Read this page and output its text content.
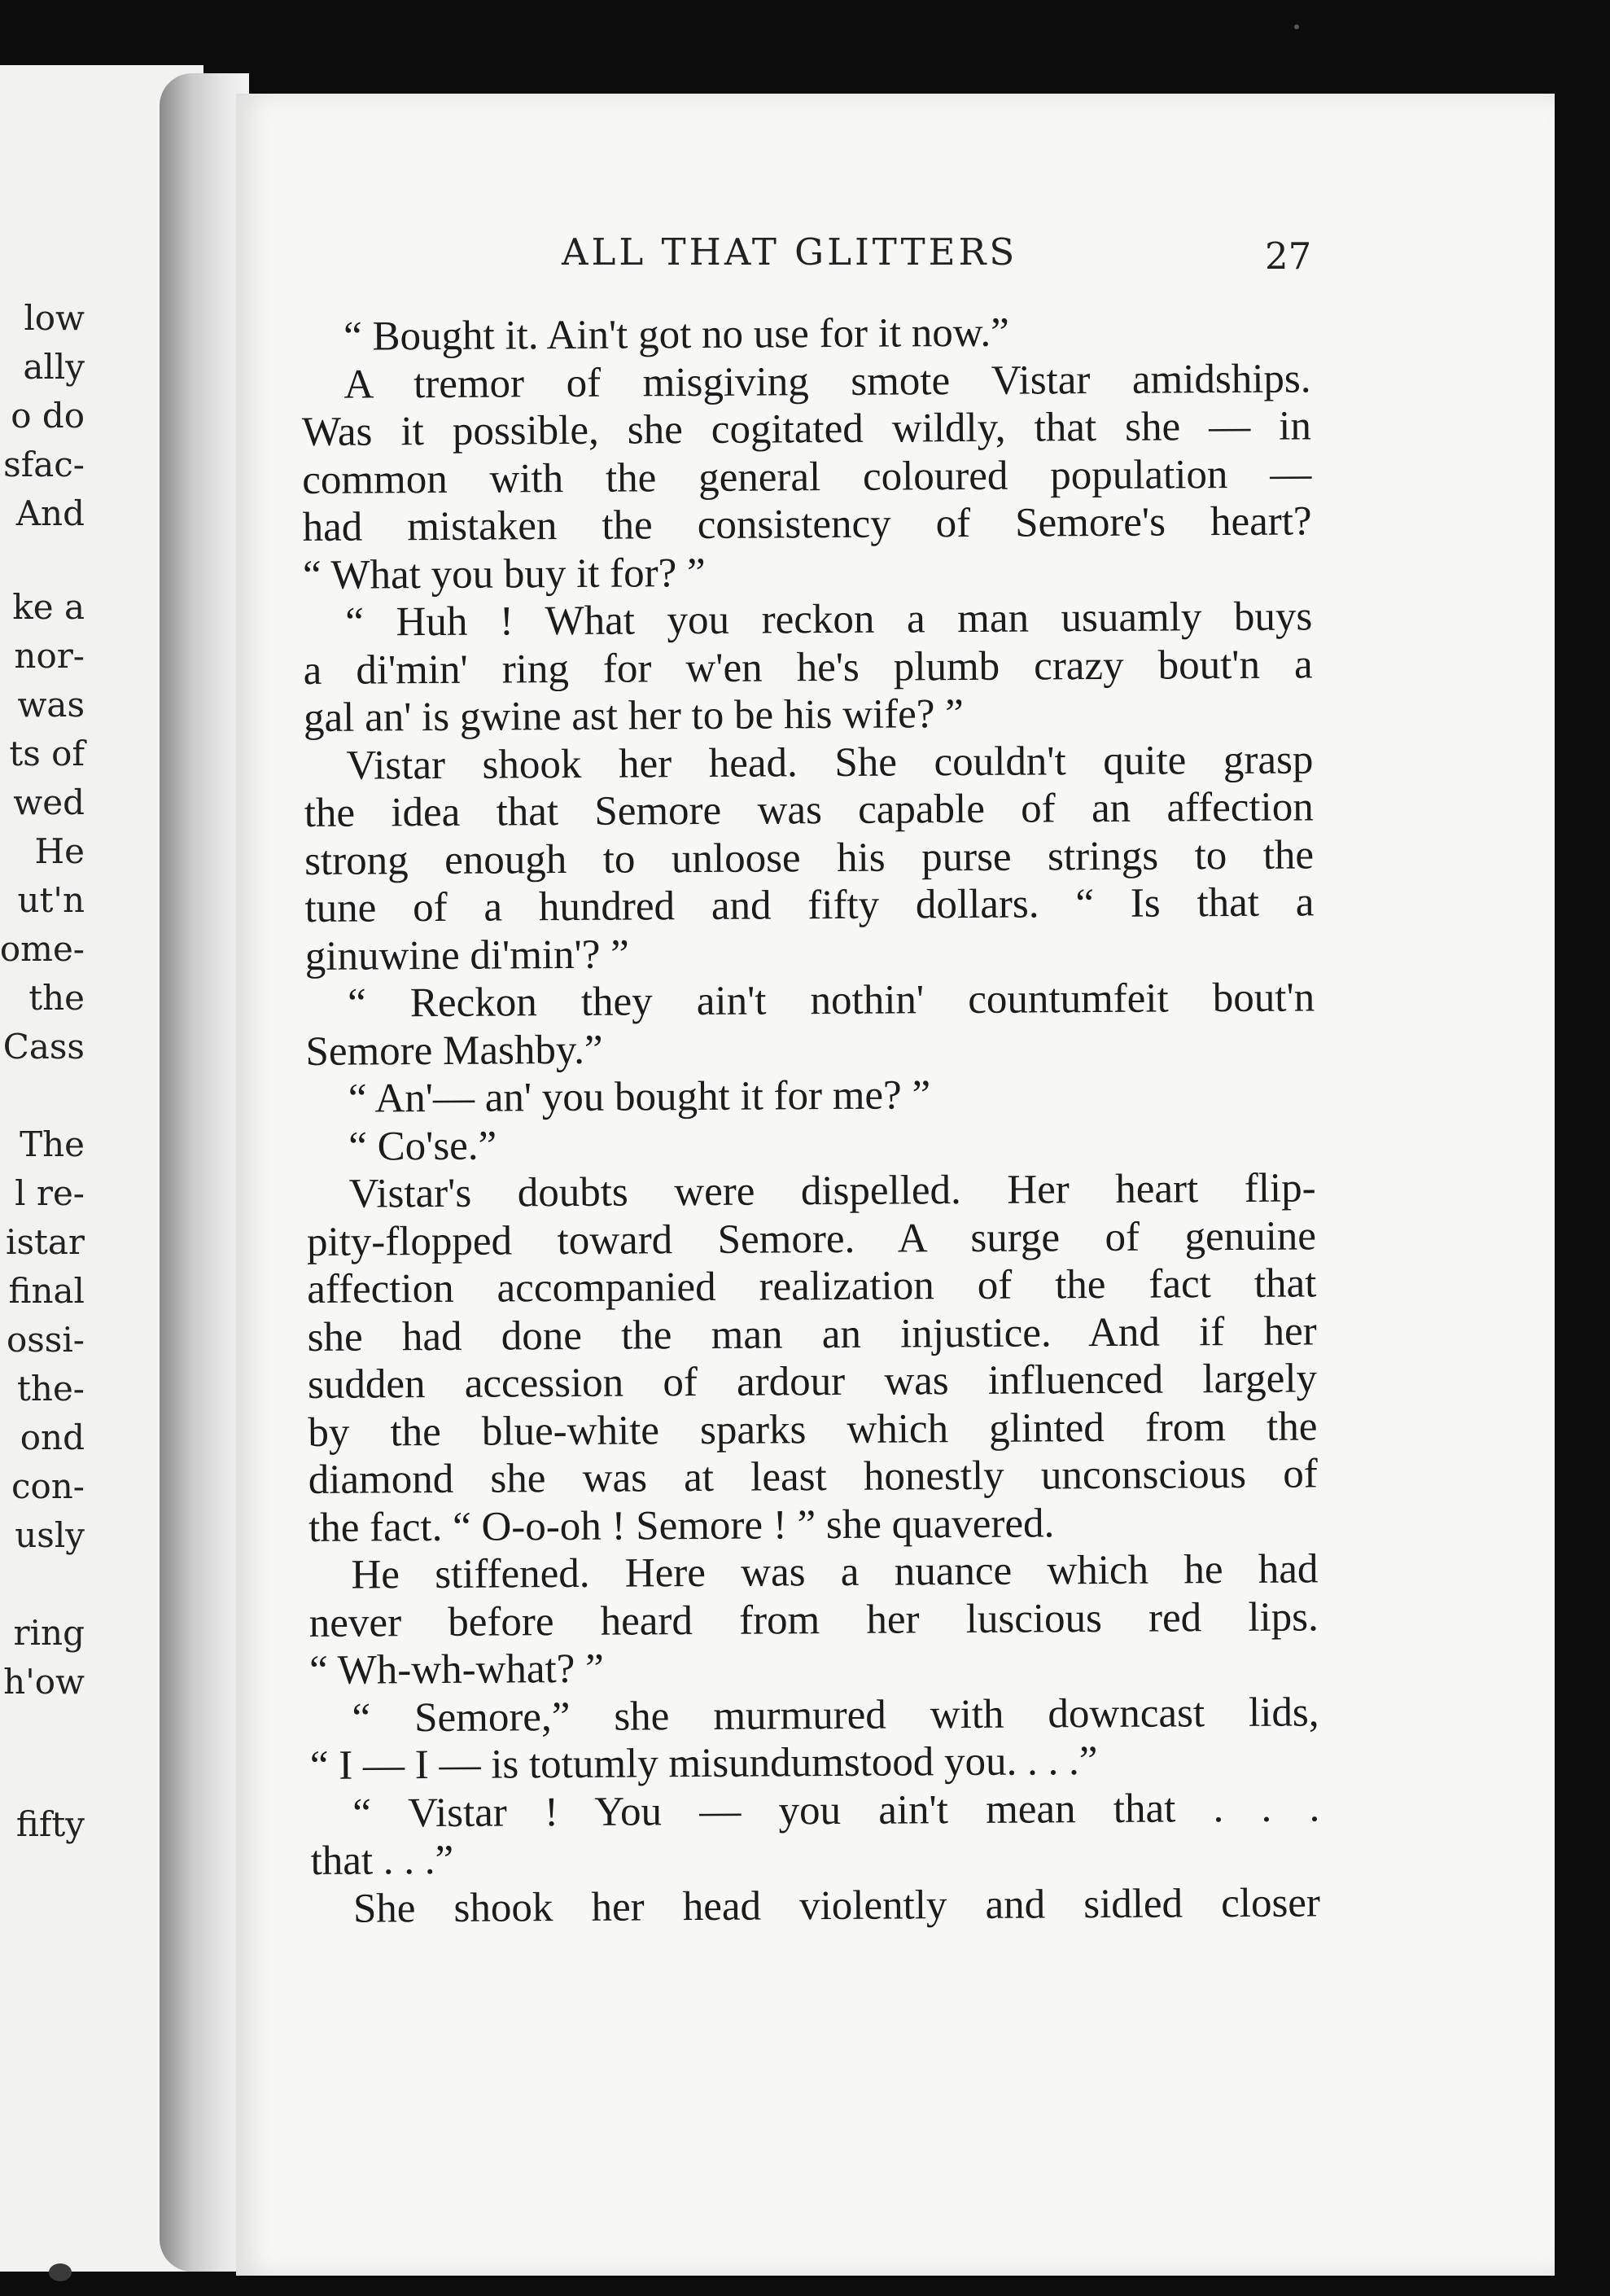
low
ally
o do
sfac-
And
ke a
nor-
was
ts of
wed
He
ut'n
ome-
the
Cass
The
l re-
istar
final
ossi-
the-
ond
con-
usly
ring
h'ow
fifty
ALL THAT GLITTERS	27
“ Bought it. Ain't got no use for it now.”
A tremor of misgiving smote Vistar amidships.
Was it possible, she cogitated wildly, that she — in
common with the general coloured population —
had mistaken the consistency of Semore's heart?
“ What you buy it for? ”
“ Huh ! What you reckon a man usuamly buys
a di'min' ring for w'en he's plumb crazy bout'n a
gal an' is gwine ast her to be his wife? ”
Vistar shook her head. She couldn't quite grasp
the idea that Semore was capable of an affection
strong enough to unloose his purse strings to the
tune of a hundred and fifty dollars. “ Is that a
ginuwine di'min'? ”
“ Reckon they ain't nothin' countumfeit bout'n
Semore Mashby.”
“ An'— an' you bought it for me? ”
“ Co'se.”
Vistar's doubts were dispelled. Her heart flip-
pity-flopped toward Semore. A surge of genuine
affection accompanied realization of the fact that
she had done the man an injustice. And if her
sudden accession of ardour was influenced largely
by the blue-white sparks which glinted from the
diamond she was at least honestly unconscious of
the fact. “ O-o-oh ! Semore ! ” she quavered.
He stiffened. Here was a nuance which he had
never before heard from her luscious red lips.
“ Wh-wh-what? ”
“ Semore,” she murmured with downcast lids,
“ I — I — is totumly misundumstood you. . . .”
“ Vistar ! You — you ain't mean that . . .
that . . .”
She shook her head violently and sidled closer
